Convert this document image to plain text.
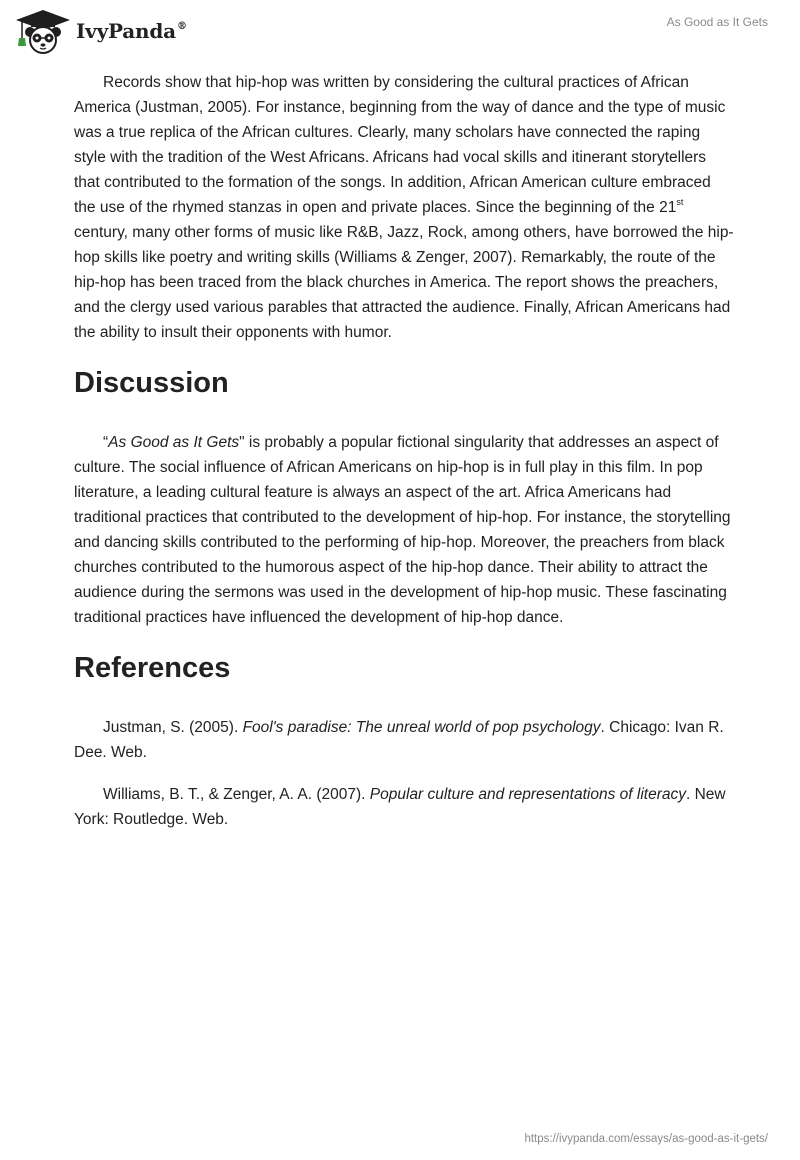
IvyPanda®	As Good as It Gets

Records show that hip-hop was written by considering the cultural practices of African America (Justman, 2005). For instance, beginning from the way of dance and the type of music was a true replica of the African cultures. Clearly, many scholars have connected the raping style with the tradition of the West Africans. Africans had vocal skills and itinerant storytellers that contributed to the formation of the songs. In addition, African American culture embraced the use of the rhymed stanzas in open and private places. Since the beginning of the 21st century, many other forms of music like R&B, Jazz, Rock, among others, have borrowed the hip-hop skills like poetry and writing skills (Williams & Zenger, 2007). Remarkably, the route of the hip-hop has been traced from the black churches in America. The report shows the preachers, and the clergy used various parables that attracted the audience. Finally, African Americans had the ability to insult their opponents with humor.

Discussion

“As Good as It Gets" is probably a popular fictional singularity that addresses an aspect of culture. The social influence of African Americans on hip-hop is in full play in this film. In pop literature, a leading cultural feature is always an aspect of the art. Africa Americans had traditional practices that contributed to the development of hip-hop. For instance, the storytelling and dancing skills contributed to the performing of hip-hop. Moreover, the preachers from black churches contributed to the humorous aspect of the hip-hop dance. Their ability to attract the audience during the sermons was used in the development of hip-hop music. These fascinating traditional practices have influenced the development of hip-hop dance.

References

Justman, S. (2005). Fool's paradise: The unreal world of pop psychology. Chicago: Ivan R. Dee. Web.

Williams, B. T., & Zenger, A. A. (2007). Popular culture and representations of literacy. New York: Routledge. Web.

https://ivypanda.com/essays/as-good-as-it-gets/
